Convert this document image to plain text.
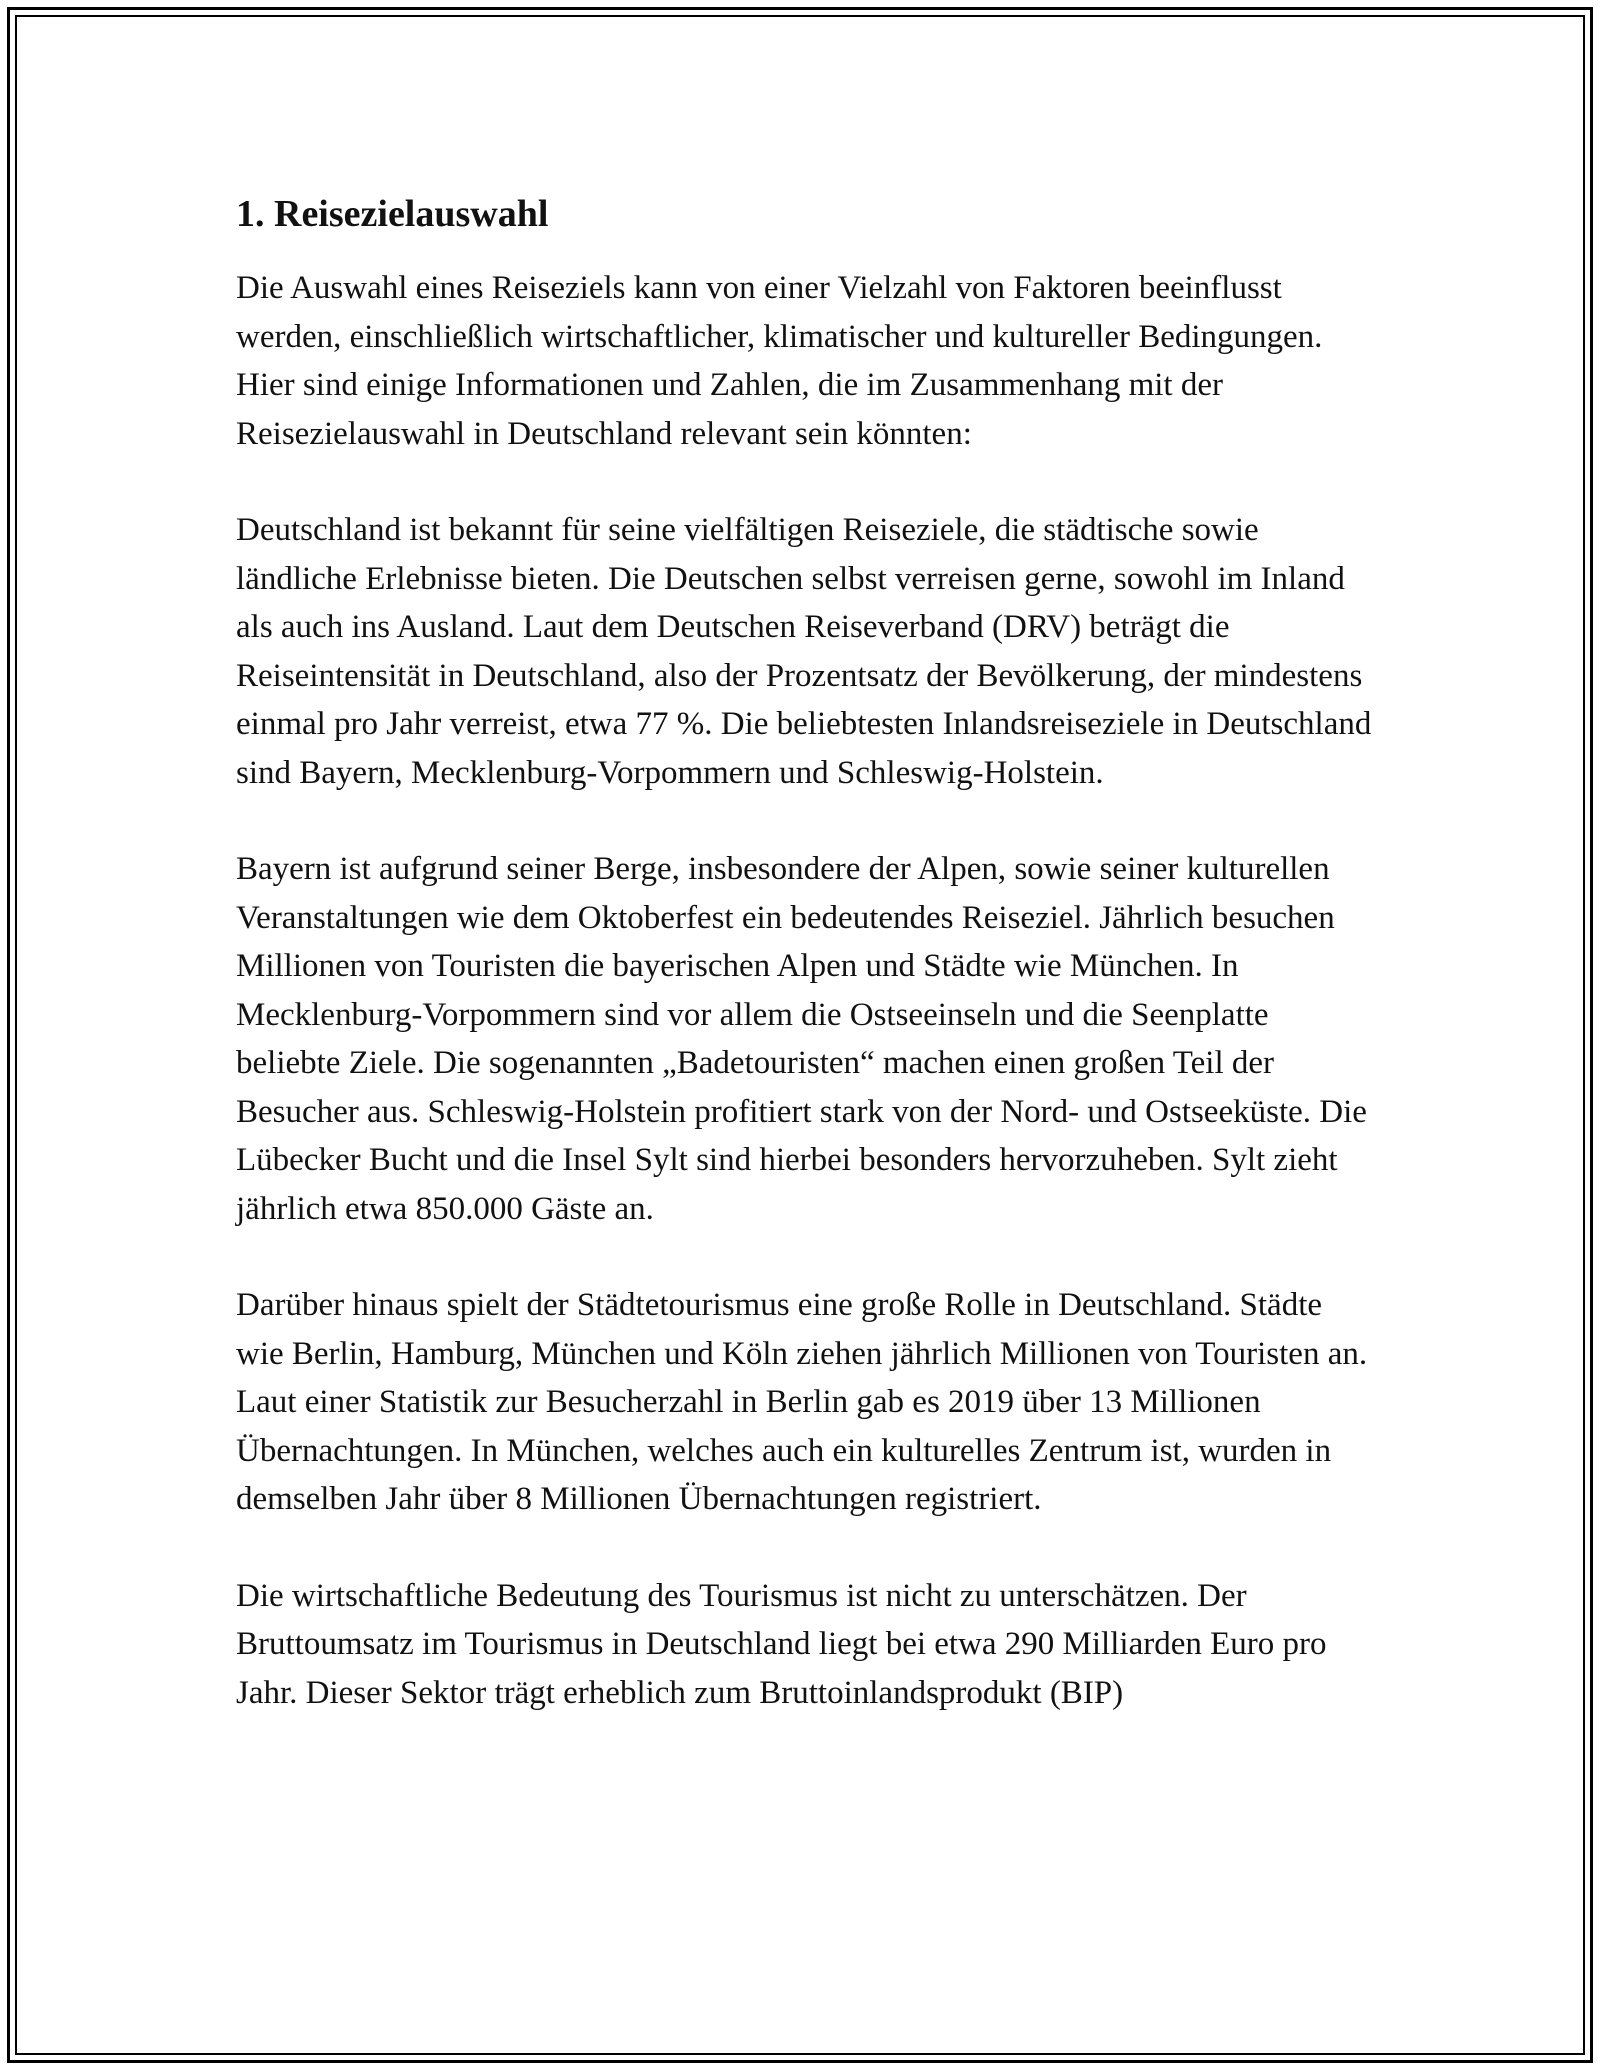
1. Reisezielauswahl

Die Auswahl eines Reiseziels kann von einer Vielzahl von Faktoren beeinflusst werden, einschließlich wirtschaftlicher, klimatischer und kultureller Bedingungen. Hier sind einige Informationen und Zahlen, die im Zusammenhang mit der Reisezielauswahl in Deutschland relevant sein könnten:

Deutschland ist bekannt für seine vielfältigen Reiseziele, die städtische sowie ländliche Erlebnisse bieten. Die Deutschen selbst verreisen gerne, sowohl im Inland als auch ins Ausland. Laut dem Deutschen Reiseverband (DRV) beträgt die Reiseintensität in Deutschland, also der Prozentsatz der Bevölkerung, der mindestens einmal pro Jahr verreist, etwa 77 %. Die beliebtesten Inlandsreiseziele in Deutschland sind Bayern, Mecklenburg-Vorpommern und Schleswig-Holstein.

Bayern ist aufgrund seiner Berge, insbesondere der Alpen, sowie seiner kulturellen Veranstaltungen wie dem Oktoberfest ein bedeutendes Reiseziel. Jährlich besuchen Millionen von Touristen die bayerischen Alpen und Städte wie München. In Mecklenburg-Vorpommern sind vor allem die Ostseeinseln und die Seenplatte beliebte Ziele. Die sogenannten „Badetouristen“ machen einen großen Teil der Besucher aus. Schleswig-Holstein profitiert stark von der Nord- und Ostseeküste. Die Lübecker Bucht und die Insel Sylt sind hierbei besonders hervorzuheben. Sylt zieht jährlich etwa 850.000 Gäste an.

Darüber hinaus spielt der Städtetourismus eine große Rolle in Deutschland. Städte wie Berlin, Hamburg, München und Köln ziehen jährlich Millionen von Touristen an. Laut einer Statistik zur Besucherzahl in Berlin gab es 2019 über 13 Millionen Übernachtungen. In München, welches auch ein kulturelles Zentrum ist, wurden in demselben Jahr über 8 Millionen Übernachtungen registriert.

Die wirtschaftliche Bedeutung des Tourismus ist nicht zu unterschätzen. Der Bruttoumsatz im Tourismus in Deutschland liegt bei etwa 290 Milliarden Euro pro Jahr. Dieser Sektor trägt erheblich zum Bruttoinlandsprodukt (BIP)
